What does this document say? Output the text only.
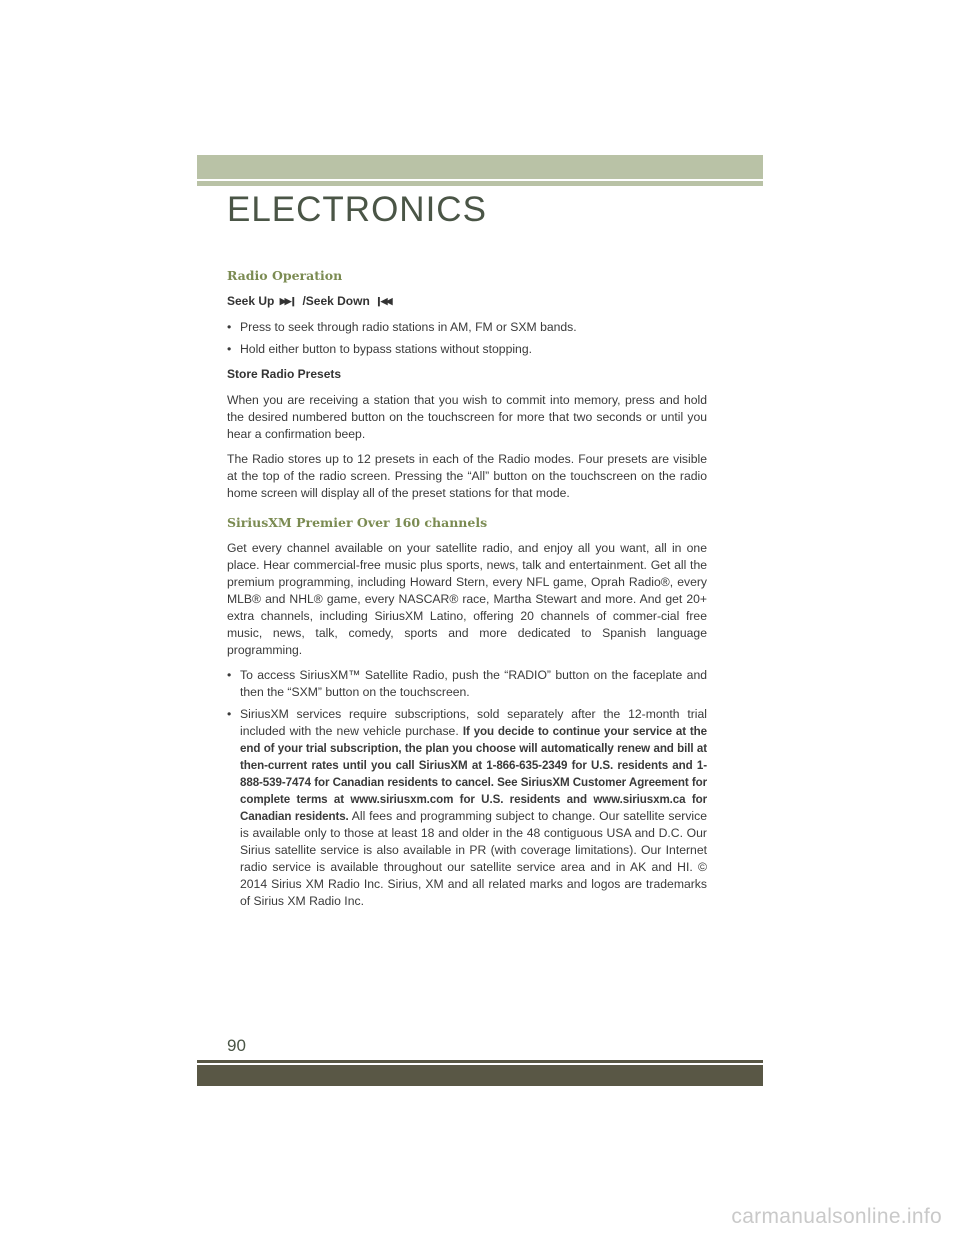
ELECTRONICS
Radio Operation
Seek Up ▶▶❙ /Seek Down ❙◀◀
• Press to seek through radio stations in AM, FM or SXM bands.
• Hold either button to bypass stations without stopping.
Store Radio Presets

When you are receiving a station that you wish to commit into memory, press and hold the desired numbered button on the touchscreen for more that two seconds or until you hear a confirmation beep.

The Radio stores up to 12 presets in each of the Radio modes. Four presets are visible at the top of the radio screen. Pressing the “All” button on the touchscreen on the radio home screen will display all of the preset stations for that mode.

SiriusXM Premier Over 160 channels

Get every channel available on your satellite radio, and enjoy all you want, all in one place. Hear commercial-free music plus sports, news, talk and entertainment. Get all the premium programming, including Howard Stern, every NFL game, Oprah Radio®, every MLB® and NHL® game, every NASCAR® race, Martha Stewart and more. And get 20+ extra channels, including SiriusXM Latino, offering 20 channels of commer-cial free music, news, talk, comedy, sports and more dedicated to Spanish language programming.

• To access SiriusXM™ Satellite Radio, push the “RADIO” button on the faceplate and then the “SXM” button on the touchscreen.
• SiriusXM services require subscriptions, sold separately after the 12-month trial included with the new vehicle purchase. If you decide to continue your service at the end of your trial subscription, the plan you choose will automatically renew and bill at then-current rates until you call SiriusXM at 1-866-635-2349 for U.S. residents and 1-888-539-7474 for Canadian residents to cancel. See SiriusXM Customer Agreement for complete terms at www.siriusxm.com for U.S. residents and www.siriusxm.ca for Canadian residents. All fees and programming subject to change. Our satellite service is available only to those at least 18 and older in the 48 contiguous USA and D.C. Our Sirius satellite service is also available in PR (with coverage limitations). Our Internet radio service is available throughout our satellite service area and in AK and HI. © 2014 Sirius XM Radio Inc. Sirius, XM and all related marks and logos are trademarks of Sirius XM Radio Inc.
90
carmanualsonline.info
